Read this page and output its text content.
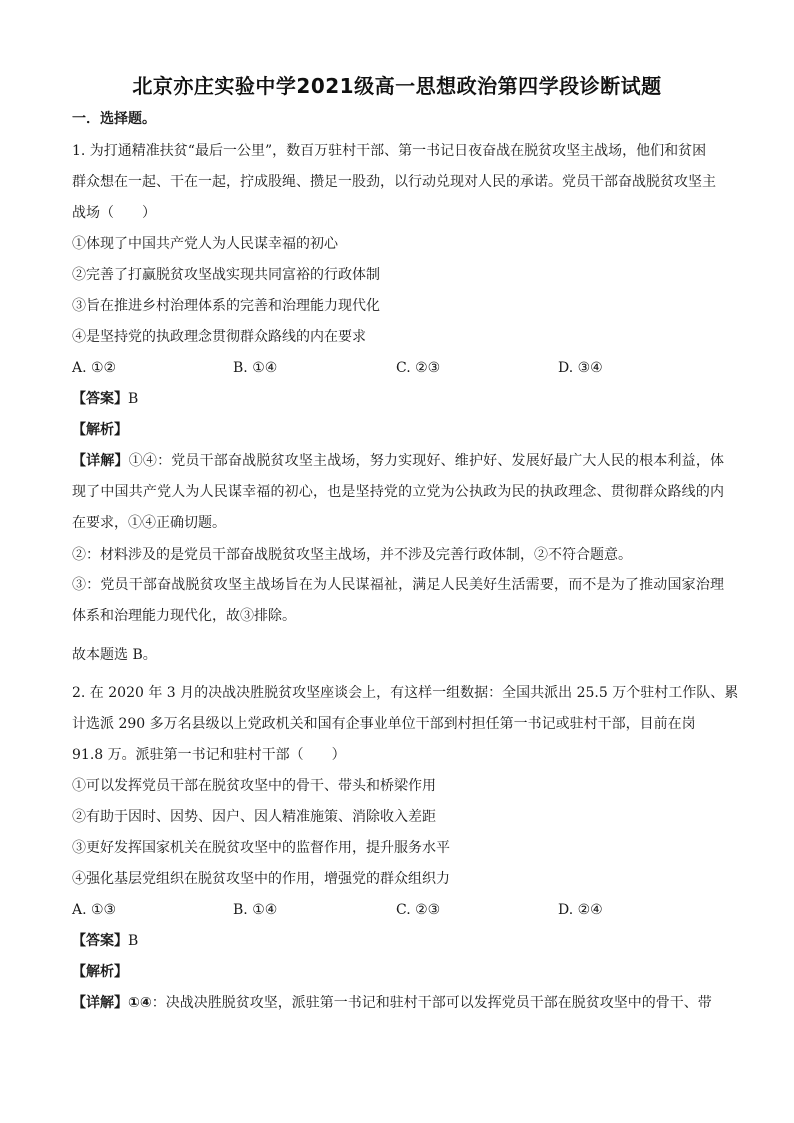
北京亦庄实验中学2021级高一思想政治第四学段诊断试题
一．选择题。
1. 为打通精准扶贫“最后一公里”，数百万驻村干部、第一书记日夜奋战在脱贫攻坚主战场，他们和贫困
群众想在一起、干在一起，拧成股绳、攒足一股劲，以行动兑现对人民的承诺。党员干部奋战脱贫攻坚主
战场（　　）
①体现了中国共产党人为人民谋幸福的初心
②完善了打赢脱贫攻坚战实现共同富裕的行政体制
③旨在推进乡村治理体系的完善和治理能力现代化
④是坚持党的执政理念贯彻群众路线的内在要求
A. ①②	B. ①④	C. ②③	D. ③④
【答案】B
【解析】
【详解】①④：党员干部奋战脱贫攻坚主战场，努力实现好、维护好、发展好最广大人民的根本利益，体现了中国共产党人为人民谋幸福的初心，也是坚持党的立党为公执政为民的执政理念、贯彻群众路线的内在要求，①④正确切题。
②：材料涉及的是党员干部奋战脱贫攻坚主战场，并不涉及完善行政体制，②不符合题意。
③：党员干部奋战脱贫攻坚主战场旨在为人民谋福祉，满足人民美好生活需要，而不是为了推动国家治理体系和治理能力现代化，故③排除。
故本题选 B。
2. 在 2020 年 3 月的决战决胜脱贫攻坚座谈会上，有这样一组数据：全国共派出 25.5 万个驻村工作队、累
计选派 290 多万名县级以上党政机关和国有企事业单位干部到村担任第一书记或驻村干部，目前在岗
91.8 万。派驻第一书记和驻村干部（　　）
①可以发挥党员干部在脱贫攻坚中的骨干、带头和桥梁作用
②有助于因时、因势、因户、因人精准施策、消除收入差距
③更好发挥国家机关在脱贫攻坚中的监督作用，提升服务水平
④强化基层党组织在脱贫攻坚中的作用，增强党的群众组织力
A. ①③	B. ①④	C. ②③	D. ②④
【答案】B
【解析】
【详解】①④：决战决胜脱贫攻坚，派驻第一书记和驻村干部可以发挥党员干部在脱贫攻坚中的骨干、带
